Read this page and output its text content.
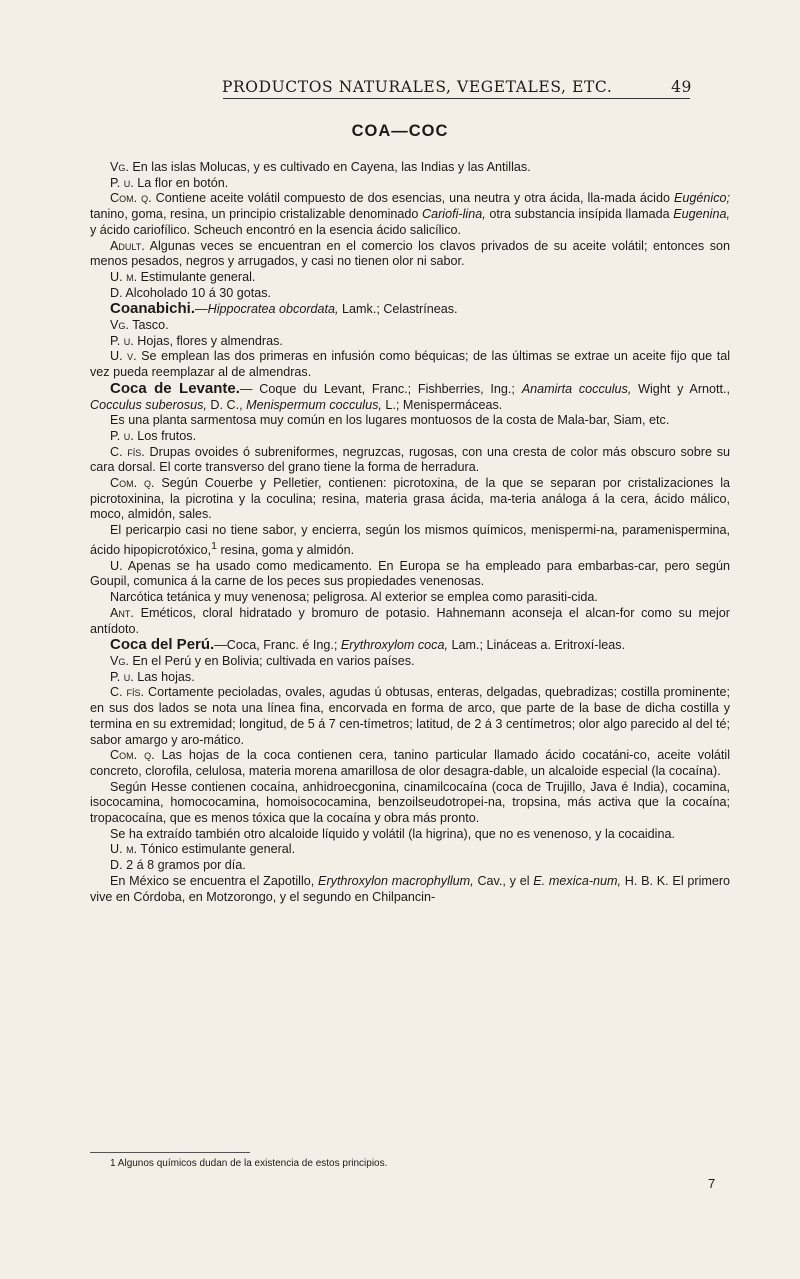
PRODUCTOS NATURALES, VEGETALES, ETC.	49
COA—COC

Vg. En las islas Molucas, y es cultivado en Cayena, las Indias y las Antillas.

P. u. La flor en botón.

Com. q. Contiene aceite volátil compuesto de dos esencias, una neutra y otra ácida, lla-mada ácido Eugénico; tanino, goma, resina, un principio cristalizable denominado Cariofi-lina, otra substancia insípida llamada Eugenina, y ácido cariofílico. Scheuch encontró en la esencia ácido salicílico.

Adult. Algunas veces se encuentran en el comercio los clavos privados de su aceite volátil; entonces son menos pesados, negros y arrugados, y casi no tienen olor ni sabor.

U. m. Estimulante general.

D. Alcoholado 10 á 30 gotas.

Coanabichi.—Hippocratea obcordata, Lamk.; Celastríneas.

Vg. Tasco.

P. u. Hojas, flores y almendras.

U. v. Se emplean las dos primeras en infusión como béquicas; de las últimas se extrae un aceite fijo que tal vez pueda reemplazar al de almendras.

Coca de Levante.— Coque du Levant, Franc.; Fishberries, Ing.; Anamirta cocculus, Wight y Arnott., Cocculus suberosus, D. C., Menispermum cocculus, L.; Menispermáceas.

Es una planta sarmentosa muy común en los lugares montuosos de la costa de Mala-bar, Siam, etc.

P. u. Los frutos.

C. fís. Drupas ovoides ó subreniformes, negruzcas, rugosas, con una cresta de color más obscuro sobre su cara dorsal. El corte transverso del grano tiene la forma de herradura.

Com. q. Según Couerbe y Pelletier, contienen: picrotoxina, de la que se separan por cristalizaciones la picrotoxinina, la picrotina y la coculina; resina, materia grasa ácida, ma-teria análoga á la cera, ácido málico, moco, almidón, sales.

El pericarpio casi no tiene sabor, y encierra, según los mismos químicos, menispermi-na, paramenispermina, ácido hipopicrotóxico,$^1$ resina, goma y almidón.

U. Apenas se ha usado como medicamento. En Europa se ha empleado para embarbas-car, pero según Goupil, comunica á la carne de los peces sus propiedades venenosas.

Narcótica tetánica y muy venenosa; peligrosa. Al exterior se emplea como parasiti-cida.

Ant. Eméticos, cloral hidratado y bromuro de potasio. Hahnemann aconseja el alcan-for como su mejor antídoto.

Coca del Perú.—Coca, Franc. é Ing.; Erythroxylom coca, Lam.; Lináceas a. Eritroxí-leas.

Vg. En el Perú y en Bolivia; cultivada en varios países.

P. u. Las hojas.

C. fís. Cortamente pecioladas, ovales, agudas ú obtusas, enteras, delgadas, quebradizas; costilla prominente; en sus dos lados se nota una línea fina, encorvada en forma de arco, que parte de la base de dicha costilla y termina en su extremidad; longitud, de 5 á 7 cen-tímetros; latitud, de 2 á 3 centímetros; olor algo parecido al del té; sabor amargo y aro-mático.

Com. q. Las hojas de la coca contienen cera, tanino particular llamado ácido cocatáni-co, aceite volátil concreto, clorofila, celulosa, materia morena amarillosa de olor desagra-dable, un alcaloide especial (la cocaína).

Según Hesse contienen cocaína, anhidroecgonina, cinamilcocaína (coca de Trujillo, Java é India), cocamina, isococamina, homococamina, homoisococamina, benzoilseudotropei-na, tropsina, más activa que la cocaína; tropacocaína, que es menos tóxica que la cocaína y obra más pronto.

Se ha extraído también otro alcaloide líquido y volátil (la higrina), que no es venenoso, y la cocaidina.

U. m. Tónico estimulante general.

D. 2 á 8 gramos por día.

En México se encuentra el Zapotillo, Erythroxylon macrophyllum, Cav., y el E. mexica-num, H. B. K. El primero vive en Córdoba, en Motzorongo, y el segundo en Chilpancin-

1 Algunos químicos dudan de la existencia de estos principios.
7
